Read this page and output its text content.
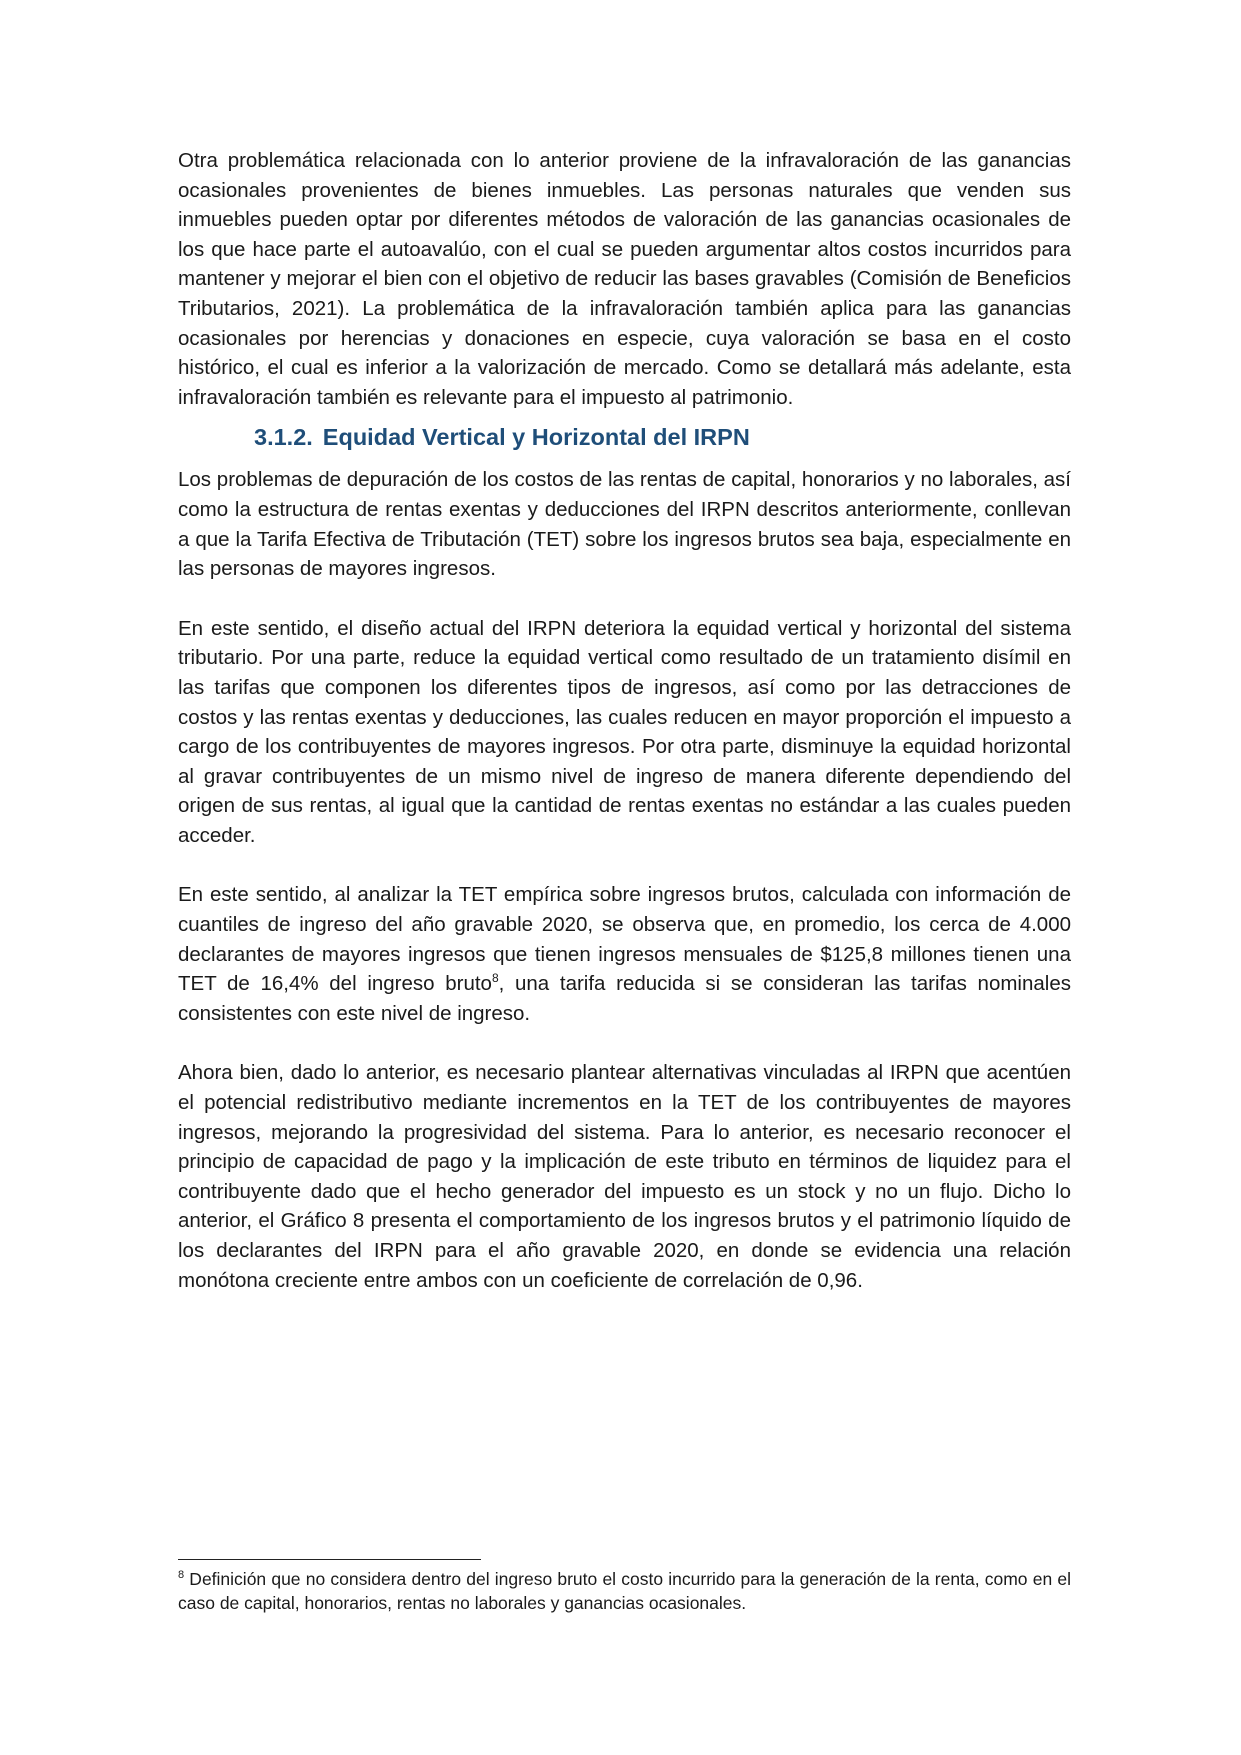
Otra problemática relacionada con lo anterior proviene de la infravaloración de las ganancias ocasionales provenientes de bienes inmuebles. Las personas naturales que venden sus inmuebles pueden optar por diferentes métodos de valoración de las ganancias ocasionales de los que hace parte el autoavalúo, con el cual se pueden argumentar altos costos incurridos para mantener y mejorar el bien con el objetivo de reducir las bases gravables (Comisión de Beneficios Tributarios, 2021). La problemática de la infravaloración también aplica para las ganancias ocasionales por herencias y donaciones en especie, cuya valoración se basa en el costo histórico, el cual es inferior a la valorización de mercado. Como se detallará más adelante, esta infravaloración también es relevante para el impuesto al patrimonio.

3.1.2. Equidad Vertical y Horizontal del IRPN

Los problemas de depuración de los costos de las rentas de capital, honorarios y no laborales, así como la estructura de rentas exentas y deducciones del IRPN descritos anteriormente, conllevan a que la Tarifa Efectiva de Tributación (TET) sobre los ingresos brutos sea baja, especialmente en las personas de mayores ingresos.

En este sentido, el diseño actual del IRPN deteriora la equidad vertical y horizontal del sistema tributario. Por una parte, reduce la equidad vertical como resultado de un tratamiento disímil en las tarifas que componen los diferentes tipos de ingresos, así como por las detracciones de costos y las rentas exentas y deducciones, las cuales reducen en mayor proporción el impuesto a cargo de los contribuyentes de mayores ingresos. Por otra parte, disminuye la equidad horizontal al gravar contribuyentes de un mismo nivel de ingreso de manera diferente dependiendo del origen de sus rentas, al igual que la cantidad de rentas exentas no estándar a las cuales pueden acceder.

En este sentido, al analizar la TET empírica sobre ingresos brutos, calculada con información de cuantiles de ingreso del año gravable 2020, se observa que, en promedio, los cerca de 4.000 declarantes de mayores ingresos que tienen ingresos mensuales de $125,8 millones tienen una TET de 16,4% del ingreso bruto$^8$, una tarifa reducida si se consideran las tarifas nominales consistentes con este nivel de ingreso.

Ahora bien, dado lo anterior, es necesario plantear alternativas vinculadas al IRPN que acentúen el potencial redistributivo mediante incrementos en la TET de los contribuyentes de mayores ingresos, mejorando la progresividad del sistema. Para lo anterior, es necesario reconocer el principio de capacidad de pago y la implicación de este tributo en términos de liquidez para el contribuyente dado que el hecho generador del impuesto es un stock y no un flujo. Dicho lo anterior, el Gráfico 8 presenta el comportamiento de los ingresos brutos y el patrimonio líquido de los declarantes del IRPN para el año gravable 2020, en donde se evidencia una relación monótona creciente entre ambos con un coeficiente de correlación de 0,96.

$^8$ Definición que no considera dentro del ingreso bruto el costo incurrido para la generación de la renta, como en el caso de capital, honorarios, rentas no laborales y ganancias ocasionales.
